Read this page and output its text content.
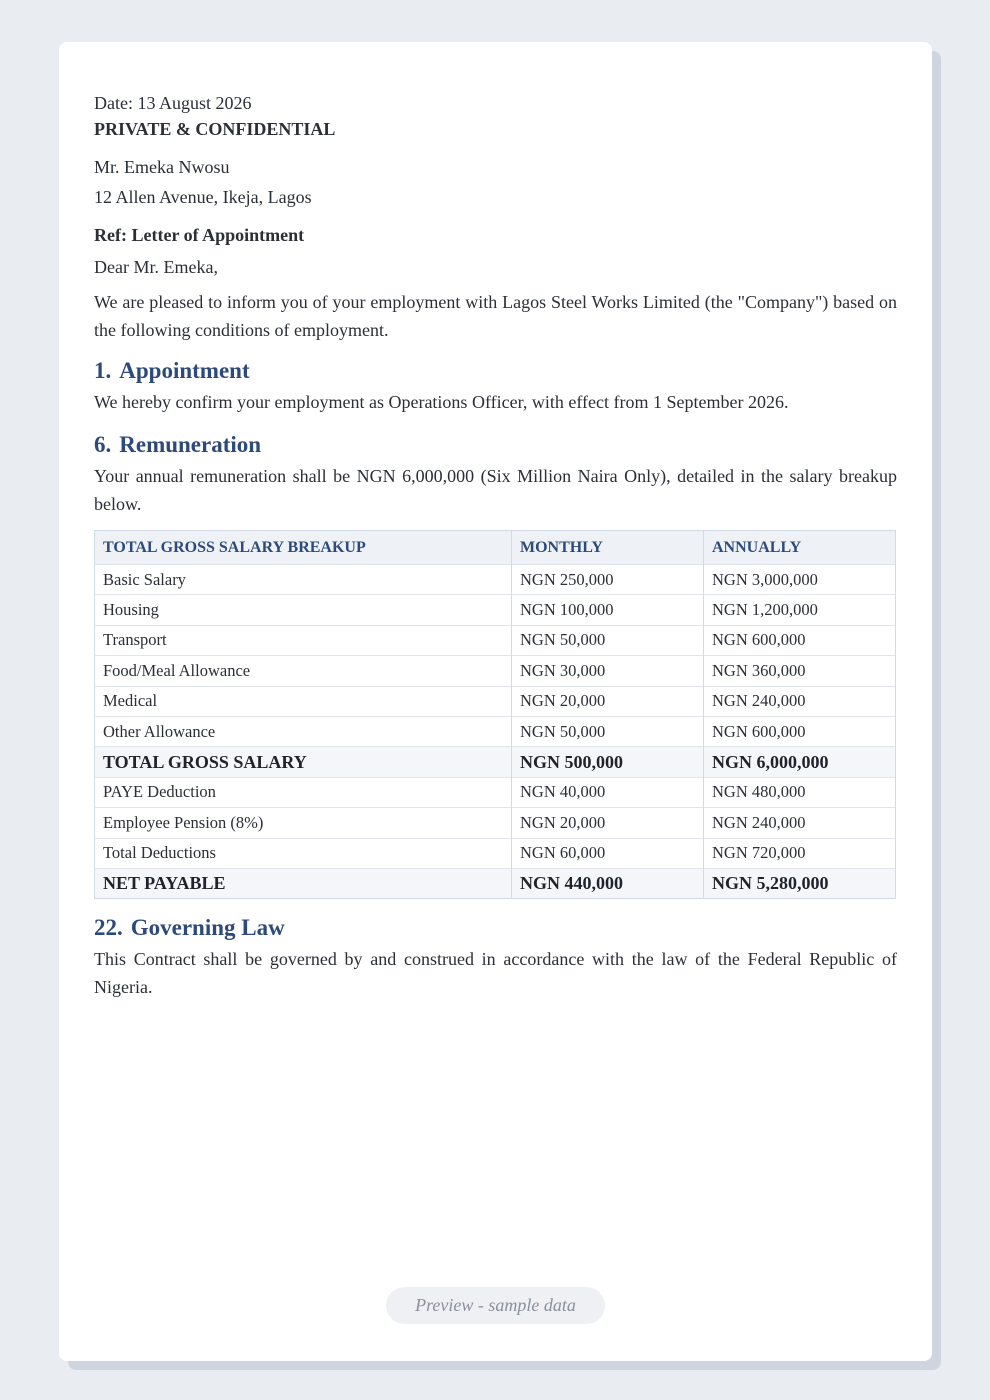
Date: 13 August 2026
PRIVATE & CONFIDENTIAL
Mr. Emeka Nwosu
12 Allen Avenue, Ikeja, Lagos
Ref: Letter of Appointment
Dear Mr. Emeka,
We are pleased to inform you of your employment with Lagos Steel Works Limited (the "Company") based on the following conditions of employment.
1. Appointment
We hereby confirm your employment as Operations Officer, with effect from 1 September 2026.
6. Remuneration
Your annual remuneration shall be NGN 6,000,000 (Six Million Naira Only), detailed in the salary breakup below.
TOTAL GROSS SALARY BREAKUP	MONTHLY	ANNUALLY
Basic Salary	NGN 250,000	NGN 3,000,000
Housing	NGN 100,000	NGN 1,200,000
Transport	NGN 50,000	NGN 600,000
Food/Meal Allowance	NGN 30,000	NGN 360,000
Medical	NGN 20,000	NGN 240,000
Other Allowance	NGN 50,000	NGN 600,000
TOTAL GROSS SALARY	NGN 500,000	NGN 6,000,000
PAYE Deduction	NGN 40,000	NGN 480,000
Employee Pension (8%)	NGN 20,000	NGN 240,000
Total Deductions	NGN 60,000	NGN 720,000
NET PAYABLE	NGN 440,000	NGN 5,280,000
22. Governing Law
This Contract shall be governed by and construed in accordance with the law of the Federal Republic of Nigeria.
Preview - sample data
